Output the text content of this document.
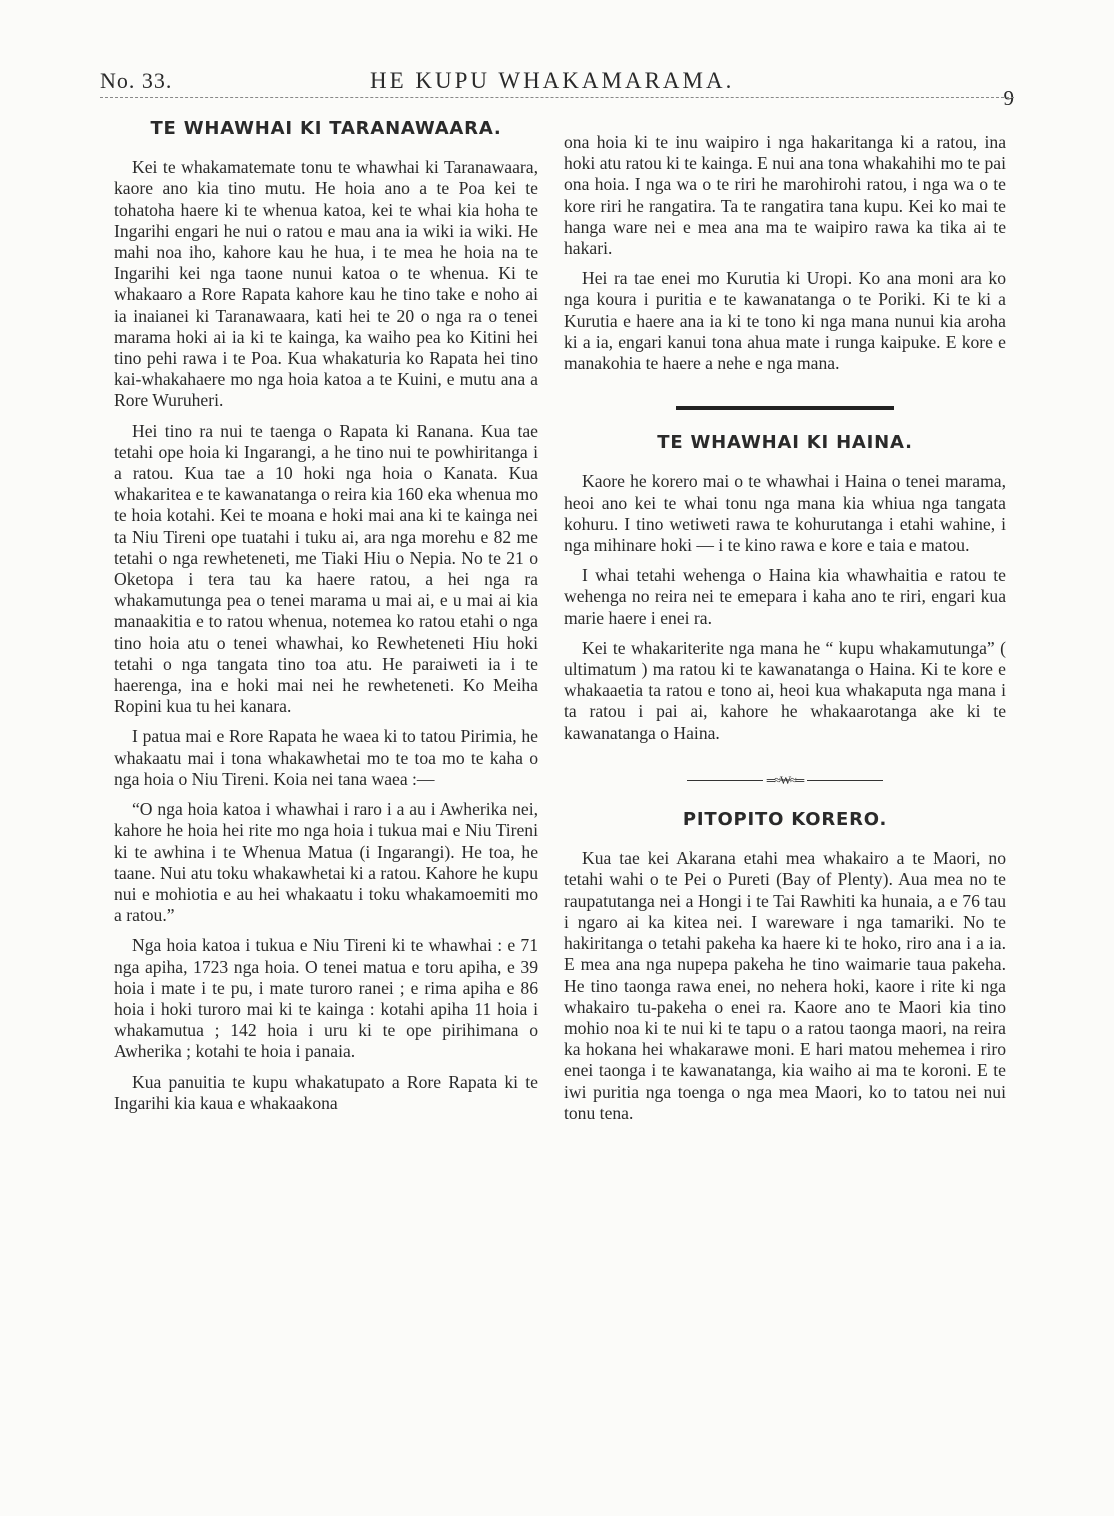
No. 33.	HE KUPU WHAKAMARAMA.
9
TE WHAWHAI KI TARANAWAARA.

Kei te whakamatemate tonu te whawhai ki Taranawaara, kaore ano kia tino mutu. He hoia ano a te Poa kei te tohatoha haere ki te whenua katoa, kei te whai kia hoha te Ingarihi engari he nui o ratou e mau ana ia wiki ia wiki. He mahi noa iho, kahore kau he hua, i te mea he hoia na te Ingarihi kei nga taone nunui katoa o te whenua. Ki te whakaaro a Rore Rapata kahore kau he tino take e noho ai ia inaianei ki Taranawaara, kati hei te 20 o nga ra o tenei marama hoki ai ia ki te kainga, ka waiho pea ko Kitini hei tino pehi rawa i te Poa. Kua whakaturia ko Rapata hei tino kai-whakahaere mo nga hoia katoa a te Kuini, e mutu ana a Rore Wuruheri.

Hei tino ra nui te taenga o Rapata ki Ranana. Kua tae tetahi ope hoia ki Ingarangi, a he tino nui te powhiritanga i a ratou. Kua tae a 10 hoki nga hoia o Kanata. Kua whakaritea e te kawanatanga o reira kia 160 eka whenua mo te hoia kotahi. Kei te moana e hoki mai ana ki te kainga nei ta Niu Tireni ope tuatahi i tuku ai, ara nga morehu e 82 me tetahi o nga rewheteneti, me Tiaki Hiu o Nepia. No te 21 o Oketopa i tera tau ka haere ratou, a hei nga ra whakamutunga pea o tenei marama u mai ai, e u mai ai kia manaakitia e to ratou whenua, notemea ko ratou etahi o nga tino hoia atu o tenei whawhai, ko Rewheteneti Hiu hoki tetahi o nga tangata tino toa atu. He paraiweti ia i te haerenga, ina e hoki mai nei he rewheteneti. Ko Meiha Ropini kua tu hei kanara.

I patua mai e Rore Rapata he waea ki to tatou Pirimia, he whakaatu mai i tona whakawhetai mo te toa mo te kaha o nga hoia o Niu Tireni. Koia nei tana waea :—

“O nga hoia katoa i whawhai i raro i a au i Awherika nei, kahore he hoia hei rite mo nga hoia i tukua mai e Niu Tireni ki te awhina i te Whenua Matua (i Ingarangi). He toa, he taane. Nui atu toku whakawhetai ki a ratou. Kahore he kupu nui e mohiotia e au hei whakaatu i toku whakamoemiti mo a ratou.”

Nga hoia katoa i tukua e Niu Tireni ki te whawhai : e 71 nga apiha, 1723 nga hoia. O tenei matua e toru apiha, e 39 hoia i mate i te pu, i mate turoro ranei ; e rima apiha e 86 hoia i hoki turoro mai ki te kainga : kotahi apiha 11 hoia i whakamutua ; 142 hoia i uru ki te ope pirihimana o Awherika ; kotahi te hoia i panaia.

Kua panuitia te kupu whakatupato a Rore Rapata ki te Ingarihi kia kaua e whakaakona

ona hoia ki te inu waipiro i nga hakaritanga ki a ratou, ina hoki atu ratou ki te kainga. E nui ana tona whakahihi mo te pai ona hoia. I nga wa o te riri he marohirohi ratou, i nga wa o te kore riri he rangatira. Ta te rangatira tana kupu. Kei ko mai te hanga ware nei e mea ana ma te waipiro rawa ka tika ai te hakari.

Hei ra tae enei mo Kurutia ki Uropi. Ko ana moni ara ko nga koura i puritia e te kawanatanga o te Poriki. Ki te ki a Kurutia e haere ana ia ki te tono ki nga mana nunui kia aroha ki a ia, engari kanui tona ahua mate i runga kaipuke. E kore e manakohia te haere a nehe e nga mana.

TE WHAWHAI KI HAINA.

Kaore he korero mai o te whawhai i Haina o tenei marama, heoi ano kei te whai tonu nga mana kia whiua nga tangata kohuru. I tino wetiweti rawa te kohurutanga i etahi wahine, i nga mihinare hoki — i te kino rawa e kore e taia e matou.

I whai tetahi wehenga o Haina kia whawhaitia e ratou te wehenga no reira nei te emepara i kaha ano te riri, engari kua marie haere i enei ra.

Kei te whakariterite nga mana he “ kupu whakamutunga” ( ultimatum ) ma ratou ki te kawanatanga o Haina. Ki te kore e whakaaetia ta ratou e tono ai, heoi kua whakaputa nga mana i ta ratou i pai ai, kahore he whakaarotanga ake ki te kawanatanga o Haina.

═≈₩≈═
PITOPITO KORERO.

Kua tae kei Akarana etahi mea whakairo a te Maori, no tetahi wahi o te Pei o Pureti (Bay of Plenty). Aua mea no te raupatutanga nei a Hongi i te Tai Rawhiti ka hunaia, a e 76 tau i ngaro ai ka kitea nei. I wareware i nga tamariki. No te hakiritanga o tetahi pakeha ka haere ki te hoko, riro ana i a ia. E mea ana nga nupepa pakeha he tino waimarie taua pakeha. He tino taonga rawa enei, no nehera hoki, kaore i rite ki nga whakairo tu-pakeha o enei ra. Kaore ano te Maori kia tino mohio noa ki te nui ki te tapu o a ratou taonga maori, na reira ka hokana hei whakarawe moni. E hari matou mehemea i riro enei taonga i te kawanatanga, kia waiho ai ma te koroni. E te iwi puritia nga toenga o nga mea Maori, ko to tatou nei nui tonu tena.
